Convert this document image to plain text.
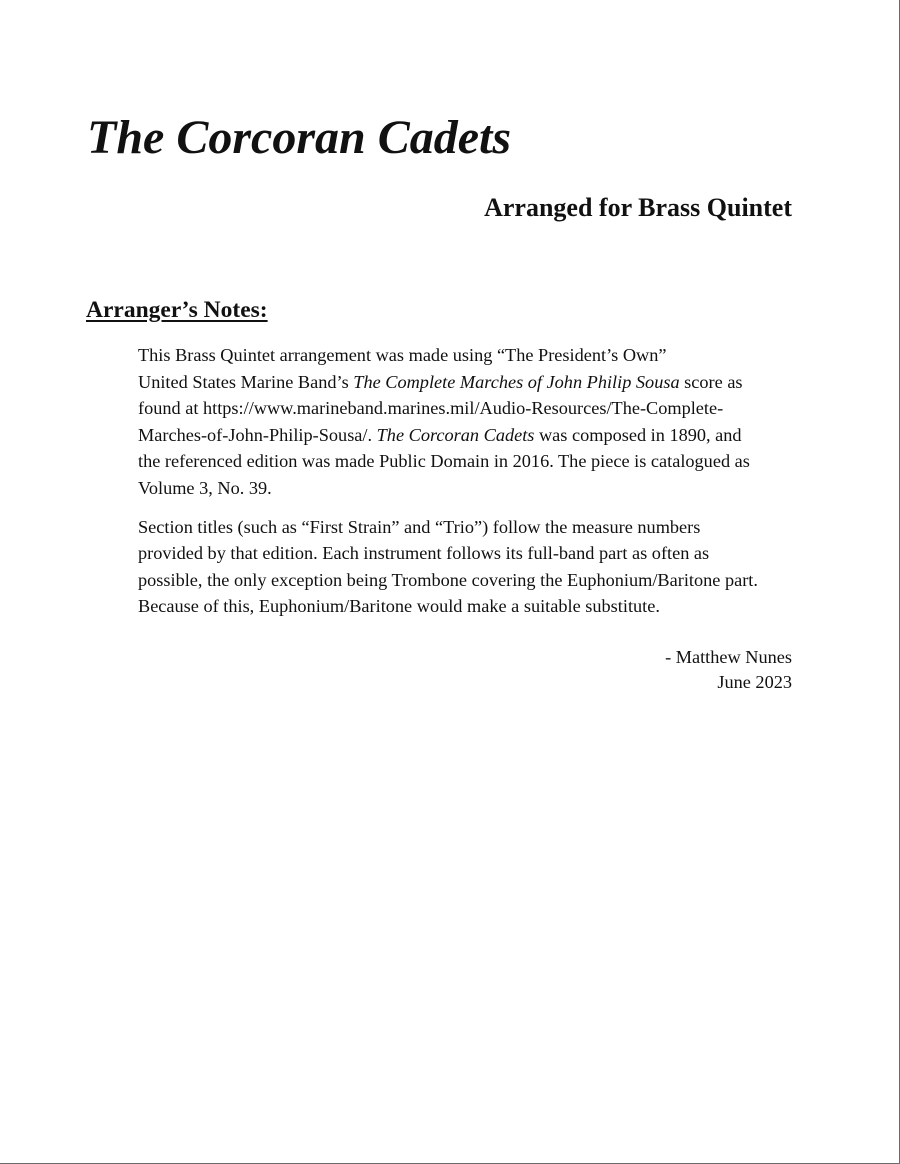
The Corcoran Cadets
Arranged for Brass Quintet
Arranger’s Notes:

This Brass Quintet arrangement was made using “The President’s Own”
United States Marine Band’s The Complete Marches of John Philip Sousa score as
found at https://www.marineband.marines.mil/Audio-Resources/The-Complete-
Marches-of-John-Philip-Sousa/. The Corcoran Cadets was composed in 1890, and
the referenced edition was made Public Domain in 2016. The piece is catalogued as
Volume 3, No. 39.

Section titles (such as “First Strain” and “Trio”) follow the measure numbers
provided by that edition. Each instrument follows its full-band part as often as
possible, the only exception being Trombone covering the Euphonium/Baritone part.
Because of this, Euphonium/Baritone would make a suitable substitute.

- Matthew Nunes
June 2023
